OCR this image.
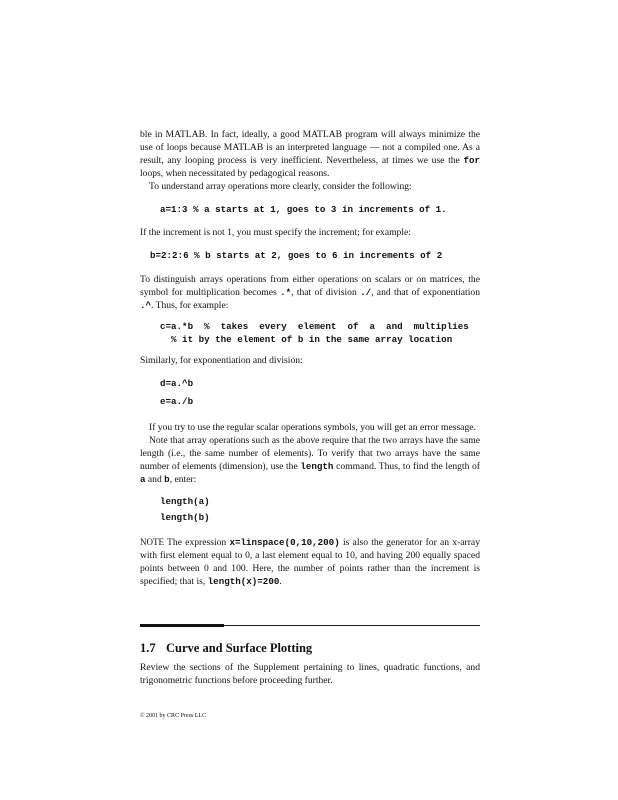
ble in MATLAB. In fact, ideally, a good MATLAB program will always minimize the use of loops because MATLAB is an interpreted language — not a compiled one. As a result, any looping process is very inefficient. Nevertheless, at times we use the for loops, when necessitated by pedagogical reasons.

To understand array operations more clearly, consider the following:

a=1:3 % a starts at 1, goes to 3 in increments of 1.

If the increment is not 1, you must specify the increment; for example:

b=2:2:6 % b starts at 2, goes to 6 in increments of 2

To distinguish arrays operations from either operations on scalars or on matrices, the symbol for multiplication becomes .*, that of division ./, and that of exponentiation .^. Thus, for example:

c=a.*b  %  takes  every  element  of  a  and  multiplies
% it by the element of b in the same array location

Similarly, for exponentiation and division:

d=a.^b
e=a./b

If you try to use the regular scalar operations symbols, you will get an error message.

Note that array operations such as the above require that the two arrays have the same length (i.e., the same number of elements). To verify that two arrays have the same number of elements (dimension), use the length command. Thus, to find the length of a and b, enter:

length(a)
length(b)

NOTE The expression x=linspace(0,10,200) is also the generator for an x-array with first element equal to 0, a last element equal to 10, and having 200 equally spaced points between 0 and 100. Here, the number of points rather than the increment is specified; that is, length(x)=200.

1.7 Curve and Surface Plotting

Review the sections of the Supplement pertaining to lines, quadratic functions, and trigonometric functions before proceeding further.

© 2001 by CRC Press LLC
